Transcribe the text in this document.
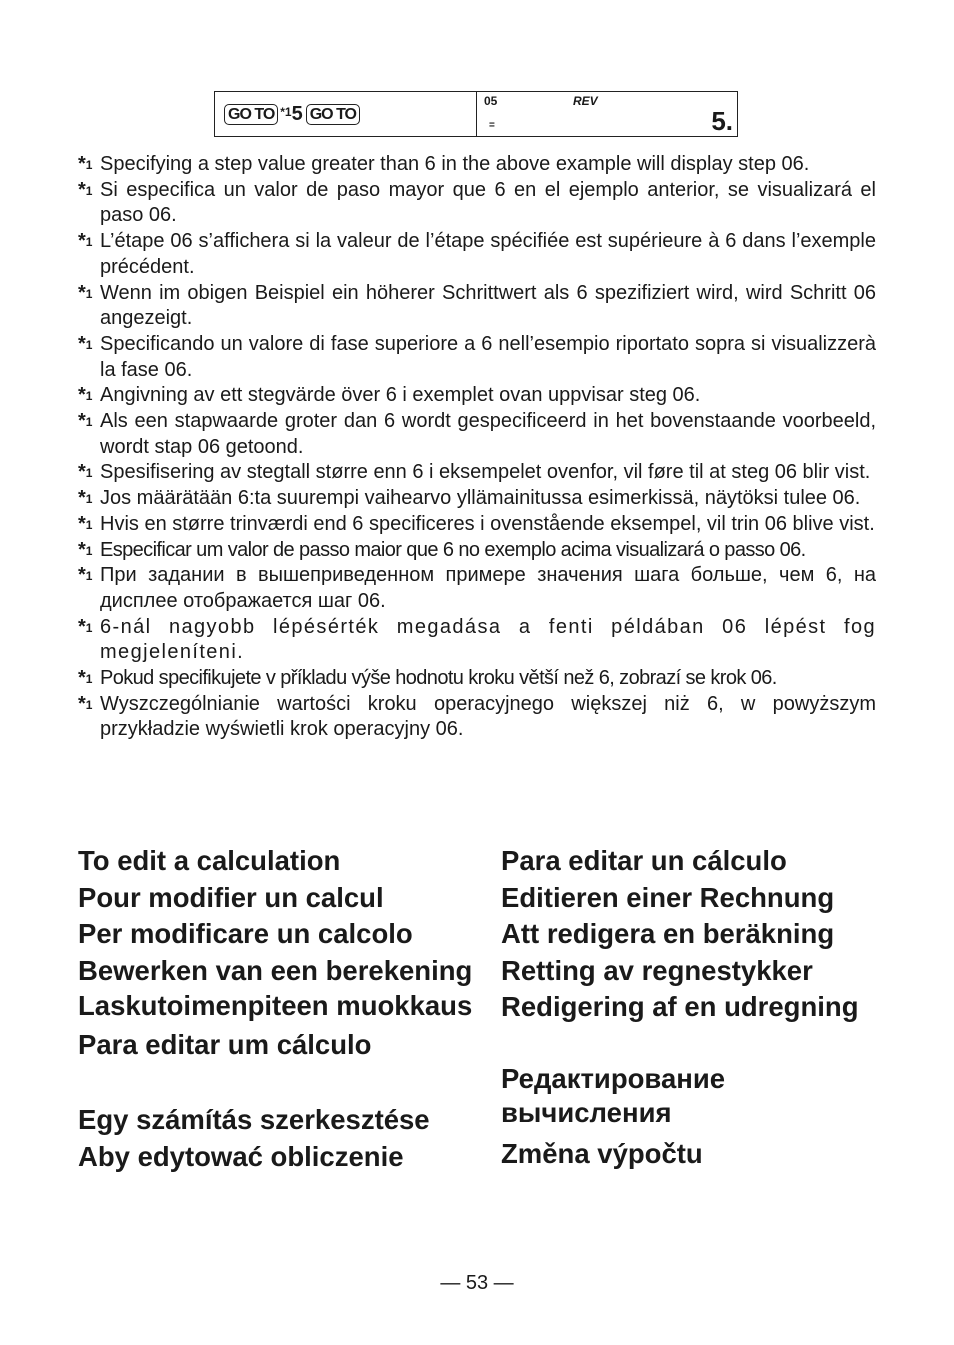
GO TO *1 5 GO TO
05	REV
=	5.
*$^1$ Specifying a step value greater than 6 in the above example will display step 06.
*$^1$ Si especifica un valor de paso mayor que 6 en el ejemplo anterior, se visualizará el paso 06.
*$^1$ L’étape 06 s’affichera si la valeur de l’étape spécifiée est supérieure à 6 dans l’exemple précédent.
*$^1$ Wenn im obigen Beispiel ein höherer Schrittwert als 6 spezifiziert wird, wird Schritt 06 angezeigt.
*$^1$ Specificando un valore di fase superiore a 6 nell’esempio riportato sopra si visualizzerà la fase 06.
*$^1$ Angivning av ett stegvärde över 6 i exemplet ovan uppvisar steg 06.
*$^1$ Als een stapwaarde groter dan 6 wordt gespecificeerd in het bovenstaande voorbeeld, wordt stap 06 getoond.
*$^1$ Spesifisering av stegtall større enn 6 i eksempelet ovenfor, vil føre til at steg 06 blir vist.
*$^1$ Jos määrätään 6:ta suurempi vaihearvo yllämainitussa esimerkissä, näytöksi tulee 06.
*$^1$ Hvis en større trinværdi end 6 specificeres i ovenstående eksempel, vil trin 06 blive vist.
*$^1$ Especificar um valor de passo maior que 6 no exemplo acima visualizará o passo 06.
*$^1$ При задании в вышеприведенном примере значения шага больше, чем 6, на дисплее отображается шаг 06.
*$^1$ 6-nál nagyobb lépésérték megadása a fenti példában 06 lépést fog megjeleníteni.
*$^1$ Pokud specifikujete v příkladu výše hodnotu kroku větší než 6, zobrazí se krok 06.
*$^1$ Wyszczególnianie wartości kroku operacyjnego większej niż 6, w powyższym przykładzie wyświetli krok operacyjny 06.

To edit a calculation

Pour modifier un calcul

Per modificare un calcolo

Bewerken van een berekening

Laskutoimenpiteen muokkaus

Para editar um cálculo

Egy számítás szerkesztése

Aby edytować obliczenie

Para editar un cálculo

Editieren einer Rechnung

Att redigera en beräkning

Retting av regnestykker

Redigering af en udregning

Редактирование вычисления

Změna výpočtu

— 53 —
